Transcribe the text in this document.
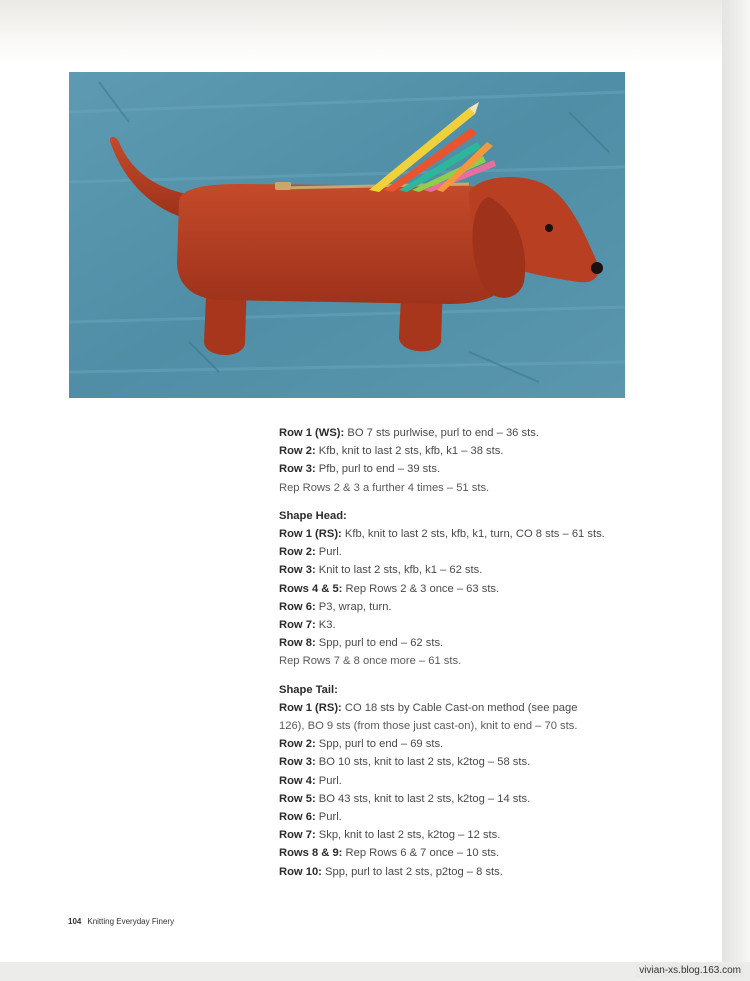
Row 1 (WS): BO 7 sts purlwise, purl to end – 36 sts.
Row 2: Kfb, knit to last 2 sts, kfb, k1 – 38 sts.
Row 3: Pfb, purl to end – 39 sts.
Rep Rows 2 & 3 a further 4 times – 51 sts.
Shape Head:
Row 1 (RS): Kfb, knit to last 2 sts, kfb, k1, turn, CO 8 sts – 61 sts.
Row 2: Purl.
Row 3: Knit to last 2 sts, kfb, k1 – 62 sts.
Rows 4 & 5: Rep Rows 2 & 3 once – 63 sts.
Row 6: P3, wrap, turn.
Row 7: K3.
Row 8: Spp, purl to end – 62 sts.
Rep Rows 7 & 8 once more – 61 sts.
Shape Tail:
Row 1 (RS): CO 18 sts by Cable Cast-on method (see page
126), BO 9 sts (from those just cast-on), knit to end – 70 sts.
Row 2: Spp, purl to end – 69 sts.
Row 3: BO 10 sts, knit to last 2 sts, k2tog – 58 sts.
Row 4: Purl.
Row 5: BO 43 sts, knit to last 2 sts, k2tog – 14 sts.
Row 6: Purl.
Row 7: Skp, knit to last 2 sts, k2tog – 12 sts.
Rows 8 & 9: Rep Rows 6 & 7 once – 10 sts.
Row 10: Spp, purl to last 2 sts, p2tog – 8 sts.
104 Knitting Everyday Finery
vivian-xs.blog.163.com
